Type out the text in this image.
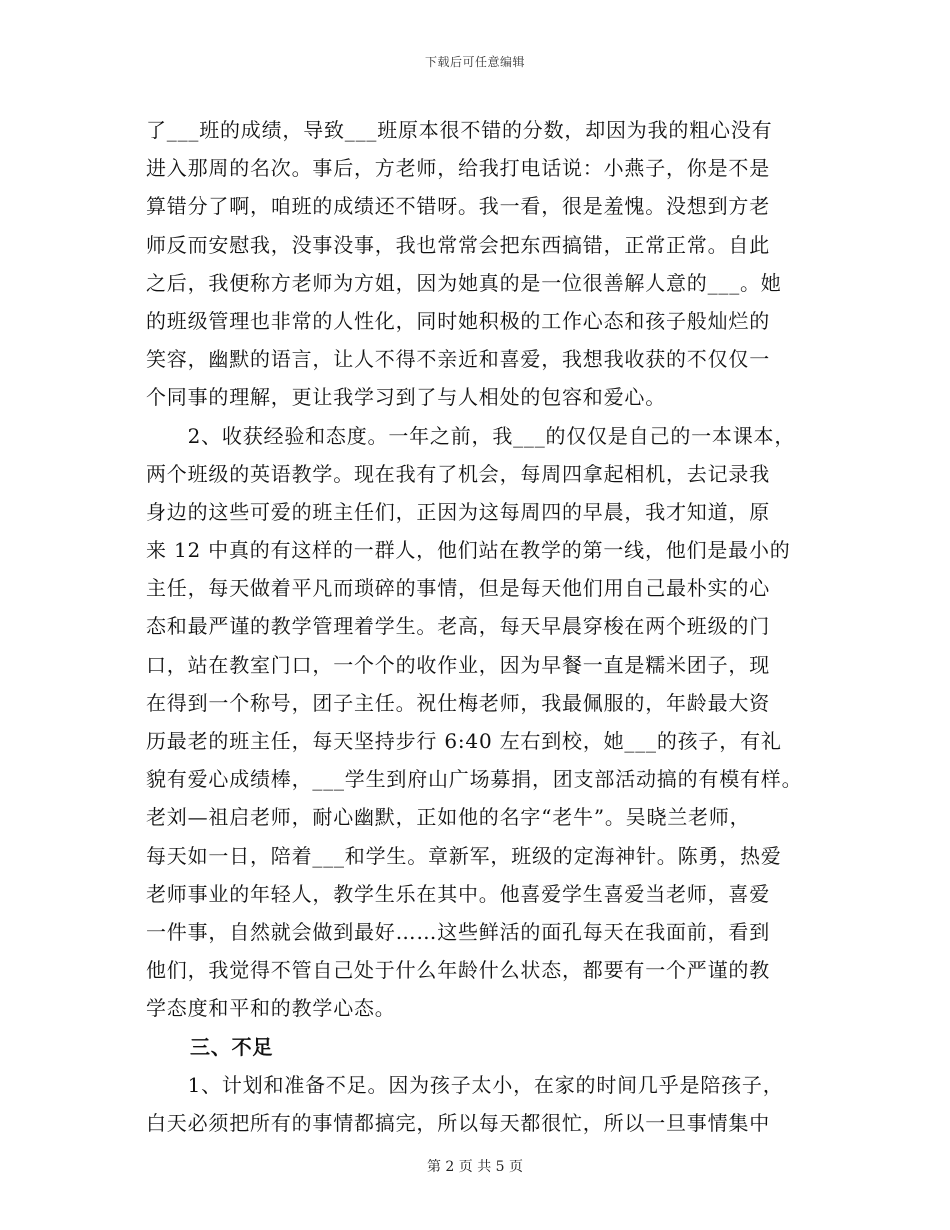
下载后可任意编辑
了___班的成绩，导致___班原本很不错的分数，却因为我的粗心没有
进入那周的名次。事后，方老师，给我打电话说：小燕子，你是不是
算错分了啊，咱班的成绩还不错呀。我一看，很是羞愧。没想到方老
师反而安慰我，没事没事，我也常常会把东西搞错，正常正常。自此
之后，我便称方老师为方姐，因为她真的是一位很善解人意的___。她
的班级管理也非常的人性化，同时她积极的工作心态和孩子般灿烂的
笑容，幽默的语言，让人不得不亲近和喜爱，我想我收获的不仅仅一
个同事的理解，更让我学习到了与人相处的包容和爱心。
　　2、收获经验和态度。一年之前，我___的仅仅是自己的一本课本，
两个班级的英语教学。现在我有了机会，每周四拿起相机，去记录我
身边的这些可爱的班主任们，正因为这每周四的早晨，我才知道，原
来 12 中真的有这样的一群人，他们站在教学的第一线，他们是最小的
主任，每天做着平凡而琐碎的事情，但是每天他们用自己最朴实的心
态和最严谨的教学管理着学生。老高，每天早晨穿梭在两个班级的门
口，站在教室门口，一个个的收作业，因为早餐一直是糯米团子，现
在得到一个称号，团子主任。祝仕梅老师，我最佩服的，年龄最大资
历最老的班主任，每天坚持步行 6:40 左右到校，她___的孩子，有礼
貌有爱心成绩棒，___学生到府山广场募捐，团支部活动搞的有模有样。
老刘—祖启老师，耐心幽默，正如他的名字“老牛”。吴晓兰老师，
每天如一日，陪着___和学生。章新军，班级的定海神针。陈勇，热爱
老师事业的年轻人，教学生乐在其中。他喜爱学生喜爱当老师，喜爱
一件事，自然就会做到最好……这些鲜活的面孔每天在我面前，看到
他们，我觉得不管自己处于什么年龄什么状态，都要有一个严谨的教
学态度和平和的教学心态。
三、不足
　　1、计划和准备不足。因为孩子太小，在家的时间几乎是陪孩子，
白天必须把所有的事情都搞完，所以每天都很忙，所以一旦事情集中
第 2 页 共 5 页
